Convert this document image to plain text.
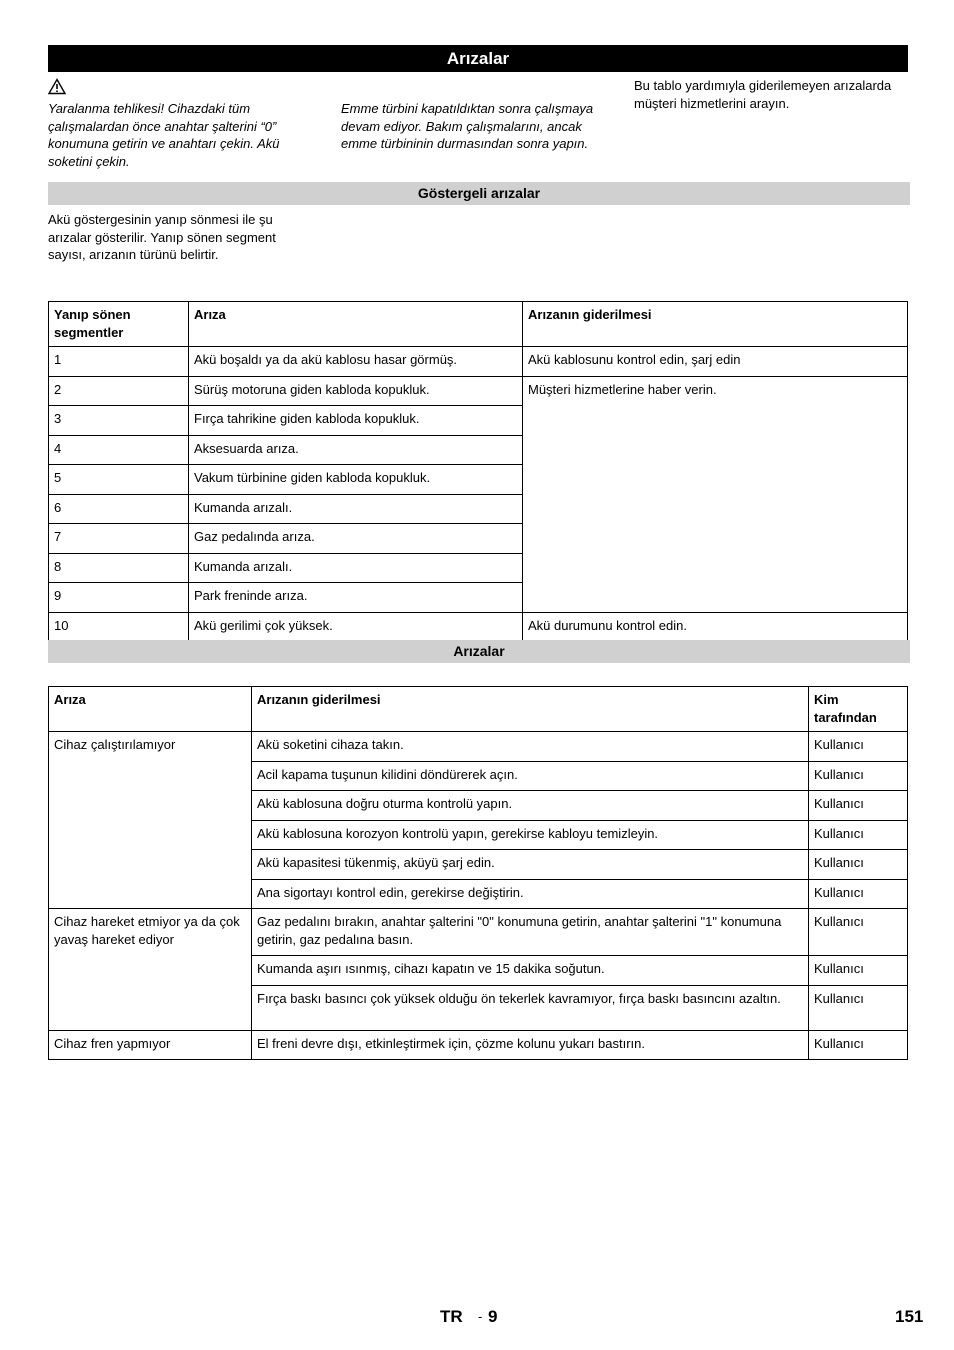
Arızalar
Yaralanma tehlikesi! Cihazdaki tüm çalışmalardan önce anahtar şalterini “0” konumuna getirin ve anahtarı çekin. Akü soketini çekin.
Emme türbini kapatıldıktan sonra çalışmaya devam ediyor. Bakım çalışmalarını, ancak emme türbininin durmasından sonra yapın.
Bu tablo yardımıyla giderilemeyen arızalarda müşteri hizmetlerini arayın.
Göstergeli arızalar
Akü göstergesinin yanıp sönmesi ile şu arızalar gösterilir. Yanıp sönen segment sayısı, arızanın türünü belirtir.
Yanıp sönen segmentler	Arıza	Arızanın giderilmesi
1	Akü boşaldı ya da akü kablosu hasar görmüş.	Akü kablosunu kontrol edin, şarj edin
2	Sürüş motoruna giden kabloda kopukluk.	Müşteri hizmetlerine haber verin.
3	Fırça tahrikine giden kabloda kopukluk.	
4	Aksesuarda arıza.	
5	Vakum türbinine giden kabloda kopukluk.	
6	Kumanda arızalı.	
7	Gaz pedalında arıza.	
8	Kumanda arızalı.	
9	Park freninde arıza.	
10	Akü gerilimi çok yüksek.	Akü durumunu kontrol edin.
Arızalar
Arıza	Arızanın giderilmesi	Kim tarafından
Cihaz çalıştırılamıyor	Akü soketini cihaza takın.	Kullanıcı
	Acil kapama tuşunun kilidini döndürerek açın.	Kullanıcı
	Akü kablosuna doğru oturma kontrolü yapın.	Kullanıcı
	Akü kablosuna korozyon kontrolü yapın, gerekirse kabloyu temizleyin.	Kullanıcı
	Akü kapasitesi tükenmiş, aküyü şarj edin.	Kullanıcı
	Ana sigortayı kontrol edin, gerekirse değiştirin.	Kullanıcı
Cihaz hareket etmiyor ya da çok yavaş hareket ediyor	Gaz pedalını bırakın, anahtar şalterini "0" konumuna getirin, anahtar şalterini "1" konumuna getirin, gaz pedalına basın.	Kullanıcı
	Kumanda aşırı ısınmış, cihazı kapatın ve 15 dakika soğutun.	Kullanıcı
	Fırça baskı basıncı çok yüksek olduğu ön tekerlek kavramıyor, fırça baskı basıncını azaltın.	Kullanıcı
Cihaz fren yapmıyor	El freni devre dışı, etkinleştirmek için, çözme kolunu yukarı bastırın.	Kullanıcı
TR - 9	151
